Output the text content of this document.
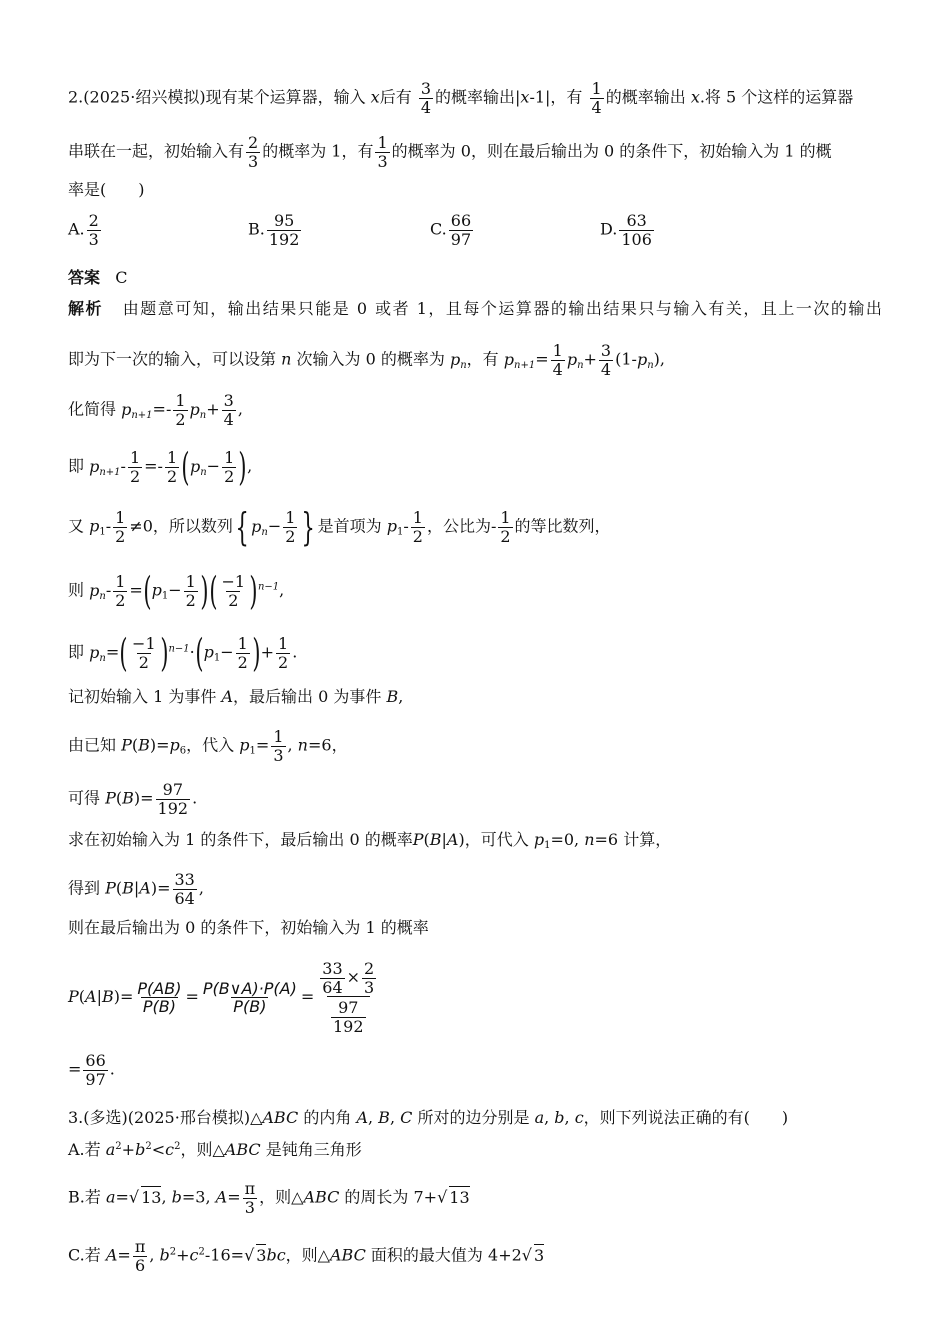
2.(2025·绍兴模拟)现有某个运算器，输入 x后有 $\frac{3}{4}$ 的概率输出|x-1|，有 $\frac{1}{4}$ 的概率输出 x.将 5 个这样的运算器
串联在一起，初始输入有 $\frac{2}{3}$ 的概率为 1，有 $\frac{1}{3}$ 的概率为 0，则在最后输出为 0 的条件下，初始输入为 1 的概
率是(　　)
A. $\frac{2}{3}$	B. $\frac{95}{192}$	C. $\frac{66}{97}$	D. $\frac{63}{106}$
答案 C
解析 由题意可知，输出结果只能是 0 或者 1，且每个运算器的输出结果只与输入有关，且上一次的输出
即为下一次的输入，可以设第 n 次输入为 0 的概率为 $p_n$，有 $p_{n+1}= \frac{1}{4} p_n+ \frac{3}{4} (1-p_n)$,
化简得 $p_{n+1}=- \frac{1}{2} p_n+ \frac{3}{4}$ ,
即 $p_{n+1}- \frac{1}{2} =- \frac{1}{2} (p_n- \frac{1}{2}$ ),
又 $p_1- \frac{1}{2} \ne 0$，所以数列{ $p_n- \frac{1}{2}$ } 是首项为 $p_1- \frac{1}{2}$ ，公比为- $\frac{1}{2}$ 的等比数列，
则 $p_n- \frac{1}{2} =(p_1- \frac{1}{2}$ )( $\frac{-1}{2} )^{n-1}$,
即 $p_n=( \frac{-1}{2} )^{n-1}\cdot(p_1- \frac{1}{2}$ )+ $\frac{1}{2}$ .
记初始输入 1 为事件 A，最后输出 0 为事件 B,
由已知 $P(B)=p_6$，代入 $p_1= \frac{1}{3}$ , n=6，
可得 $P(B)= \frac{97}{192}$ .
求在初始输入为 1 的条件下，最后输出 0 的概率P(B|A)，可代入 $p_1=0$, n=6 计算，
得到 $P(B|A)= \frac{33}{64}$ ,
则在最后输出为 0 的条件下，初始输入为 1 的概率
$P(A|B)= \frac{P(AB)}{P(B)} = \frac{P(B\vee A)\cdot P(A)}{P(B)} = \frac{\frac{33}{64} \times \frac{2}{3}}{\frac{97}{192}}$
= $\frac{66}{97}$ .
3.(多选)(2025·邢台模拟)△ABC 的内角 A, B, C 所对的边分别是 a, b, c，则下列说法正确的有(　　)
A.若 $a^2+b^2<c^2$，则△ABC 是钝角三角形
B.若 a=√ 13, b=3, $A= \frac{\pi}{3}$ ，则△ABC 的周长为 7+√ 13
C.若 $A= \frac{\pi}{6}$ , $b^2+c^2-16=√$ 3bc，则△ABC 面积的最大值为 4+2√ 3
